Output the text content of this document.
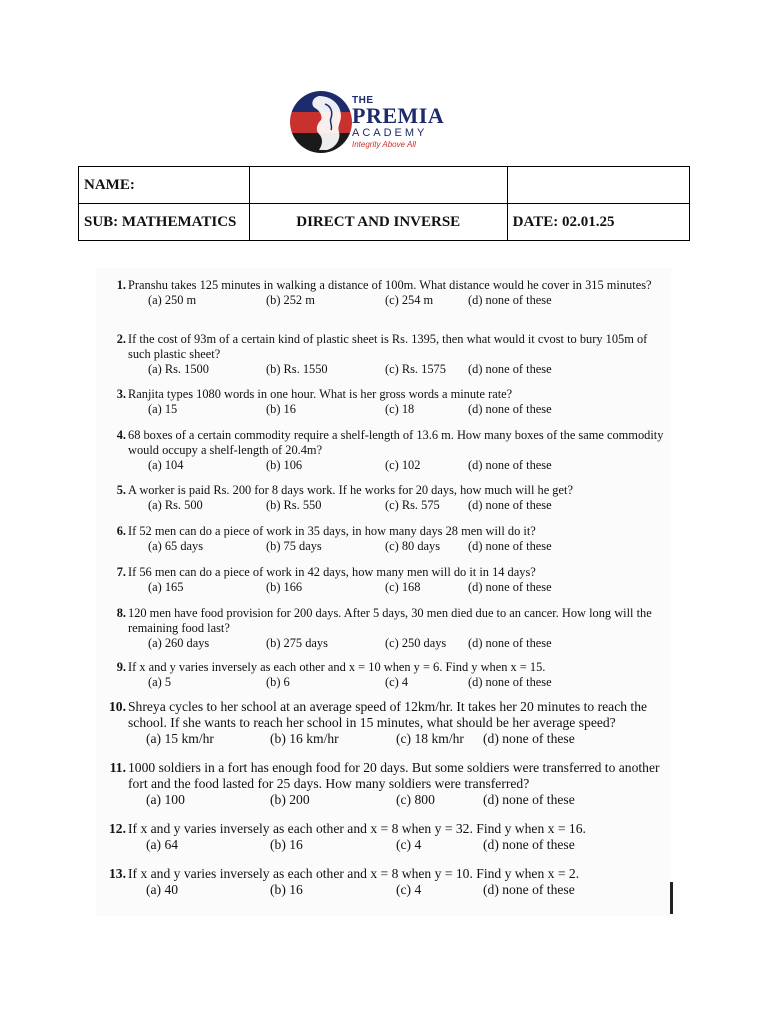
THE
PREMIA
ACADEMY
Integrity Above All
NAME:		
SUB: MATHEMATICS	DIRECT AND INVERSE	DATE: 02.01.25
1. Pranshu takes 125 minutes in walking a distance of 100m. What distance would he cover in 315 minutes?
(a) 250 m	(b) 252 m	(c) 254 m	(d) none of these
2. If the cost of 93m of a certain kind of plastic sheet is Rs. 1395, then what would it cvost to bury 105m of such plastic sheet?
(a) Rs. 1500	(b) Rs. 1550	(c) Rs. 1575 (d) none of these
3. Ranjita types 1080 words in one hour. What is her gross words a minute rate?
(a) 15	(b) 16	(c) 18	(d) none of these
4. 68 boxes of a certain commodity require a shelf-length of 13.6 m. How many boxes of the same commodity would occupy a shelf-length of 20.4m?
(a) 104	(b) 106	(c) 102	(d) none of these
5. A worker is paid Rs. 200 for 8 days work. If he works for 20 days, how much will he get?
(a) Rs. 500	(b) Rs. 550	(c) Rs. 575 (d) none of these
6. If 52 men can do a piece of work in 35 days, in how many days 28 men will do it?
(a) 65 days	(b) 75 days	(c) 80 days (d) none of these
7. If 56 men can do a piece of work in 42 days, how many men will do it in 14 days?
(a) 165	(b) 166	(c) 168	(d) none of these
8. 120 men have food provision for 200 days. After 5 days, 30 men died due to an cancer. How long will the remaining food last?
(a) 260 days	(b) 275 days	(c) 250 days (d) none of these
9. If x and y varies inversely as each other and x = 10 when y = 6. Find y when x = 15.
(a) 5	(b) 6	(c) 4	(d) none of these
10. Shreya cycles to her school at an average speed of 12km/hr. It takes her 20 minutes to reach the school. If she wants to reach her school in 15 minutes, what should be her average speed?
(a) 15 km/hr	(b) 16 km/hr	(c) 18 km/hr (d) none of these
11. 1000 soldiers in a fort has enough food for 20 days. But some soldiers were transferred to another fort and the food lasted for 25 days. How many soldiers were transferred?
(a) 100	(b) 200	(c) 800	(d) none of these
12. If x and y varies inversely as each other and x = 8 when y = 32. Find y when x = 16.
(a) 64	(b) 16	(c) 4	(d) none of these
13. If x and y varies inversely as each other and x = 8 when y = 10. Find y when x = 2.
(a) 40	(b) 16	(c) 4	(d) none of these
